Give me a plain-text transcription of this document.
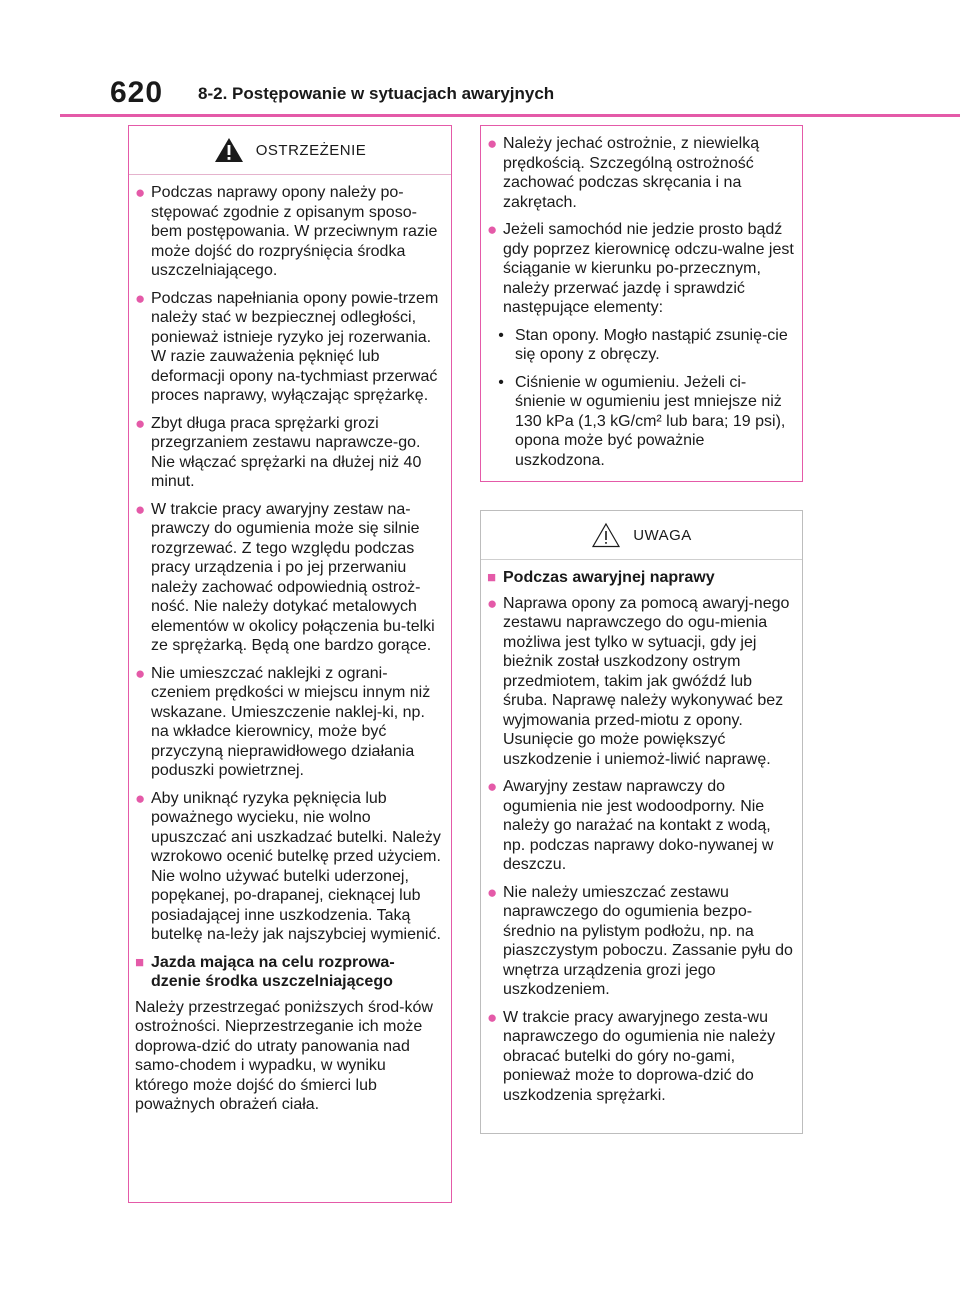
620 8-2. Postępowanie w sytuacjach awaryjnych
OSTRZEŻENIE
● Podczas naprawy opony należy po-stępować zgodnie z opisanym sposo-bem postępowania. W przeciwnym razie może dojść do rozpryśnięcia środka uszczelniającego.
● Podczas napełniania opony powie-trzem należy stać w bezpiecznej odległości, ponieważ istnieje ryzyko jej rozerwania. W razie zauważenia pęknięć lub deformacji opony na-tychmiast przerwać proces naprawy, wyłączając sprężarkę.
● Zbyt długa praca sprężarki grozi przegrzaniem zestawu naprawcze-go. Nie włączać sprężarki na dłużej niż 40 minut.
● W trakcie pracy awaryjny zestaw na-prawczy do ogumienia może się silnie rozgrzewać. Z tego względu podczas pracy urządzenia i po jej przerwaniu należy zachować odpowiednią ostroż-ność. Nie należy dotykać metalowych elementów w okolicy połączenia bu-telki ze sprężarką. Będą one bardzo gorące.
● Nie umieszczać naklejki z ograni-czeniem prędkości w miejscu innym niż wskazane. Umieszczenie naklej-ki, np. na wkładce kierownicy, może być przyczyną nieprawidłowego działania poduszki powietrznej.
● Aby uniknąć ryzyka pęknięcia lub poważnego wycieku, nie wolno upuszczać ani uszkadzać butelki. Należy wzrokowo ocenić butelkę przed użyciem. Nie wolno używać butelki uderzonej, popękanej, po-drapanej, cieknącej lub posiadającej inne uszkodzenia. Taką butelkę na-leży jak najszybciej wymienić.
■ Jazda mająca na celu rozprowa-dzenie środka uszczelniającego

Należy przestrzegać poniższych środ-ków ostrożności. Nieprzestrzeganie ich może doprowa-dzić do utraty panowania nad samo-chodem i wypadku, w wyniku którego może dojść do śmierci lub poważnych obrażeń ciała.

● Należy jechać ostrożnie, z niewielką prędkością. Szczególną ostrożność zachować podczas skręcania i na zakrętach.
● Jeżeli samochód nie jedzie prosto bądź gdy poprzez kierownicę odczu-walne jest ściąganie w kierunku po-przecznym, należy przerwać jazdę i sprawdzić następujące elementy:
• Stan opony. Mogło nastąpić zsunię-cie się opony z obręczy.
• Ciśnienie w ogumieniu. Jeżeli ci-śnienie w ogumieniu jest mniejsze niż 130 kPa (1,3 kG/cm² lub bara; 19 psi), opona może być poważnie uszkodzona.
UWAGA
■ Podczas awaryjnej naprawy
● Naprawa opony za pomocą awaryj-nego zestawu naprawczego do ogu-mienia możliwa jest tylko w sytuacji, gdy jej bieżnik został uszkodzony ostrym przedmiotem, takim jak gwóźdź lub śruba. Naprawę należy wykonywać bez wyjmowania przed-miotu z opony. Usunięcie go może powiększyć uszkodzenie i uniemoż-liwić naprawę.
● Awaryjny zestaw naprawczy do ogumienia nie jest wodoodporny. Nie należy go narażać na kontakt z wodą, np. podczas naprawy doko-nywanej w deszczu.
● Nie należy umieszczać zestawu naprawczego do ogumienia bezpo-średnio na pylistym podłożu, np. na piaszczystym poboczu. Zassanie pyłu do wnętrza urządzenia grozi jego uszkodzeniem.
● W trakcie pracy awaryjnego zesta-wu naprawczego do ogumienia nie należy obracać butelki do góry no-gami, ponieważ może to doprowa-dzić do uszkodzenia sprężarki.
